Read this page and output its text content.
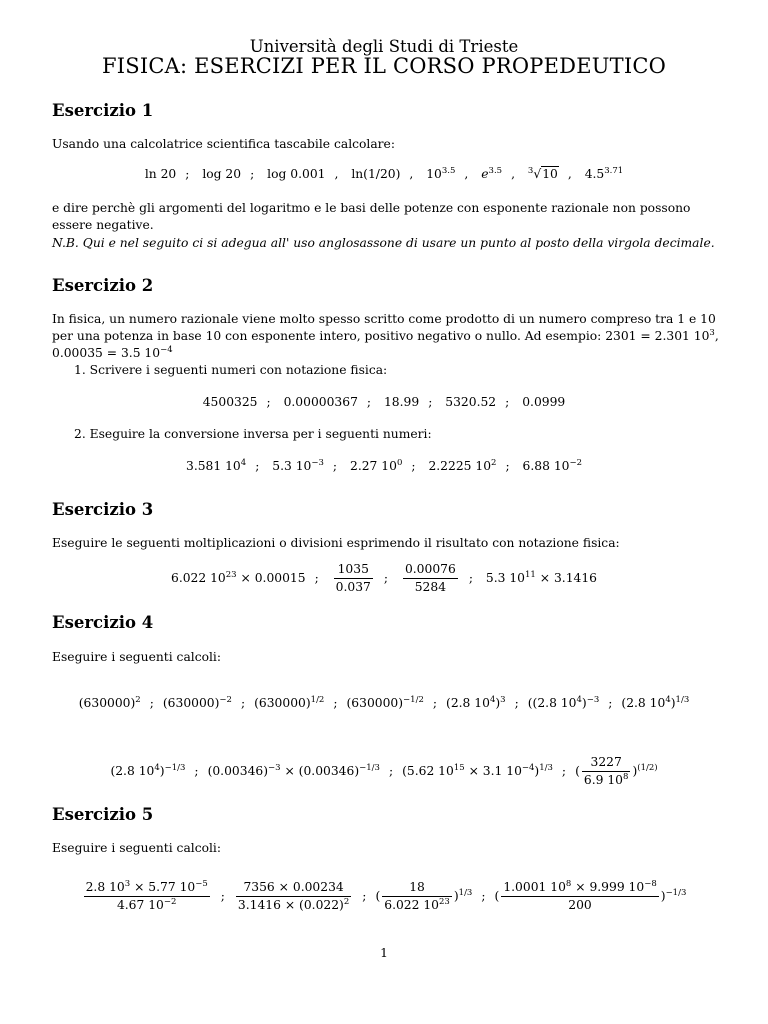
Università degli Studi di Trieste
FISICA: ESERCIZI PER IL CORSO PROPEDEUTICO
Esercizio 1
Usando una calcolatrice scientifica tascabile calcolare:
ln 20 ; log 20 ; log 0.001 , ln(1/20) , $10^{3.5}$ , $e^{3.5}$ , $^3$√10 , $4.5^{3.71}$
e dire perchè gli argomenti del logaritmo e le basi delle potenze con esponente razionale non possono essere negative.
N.B. Qui e nel seguito ci si adegua all' uso anglosassone di usare un punto al posto della virgola decimale.
Esercizio 2
In fisica, un numero razionale viene molto spesso scritto come prodotto di un numero compreso tra 1 e 10 per una potenza in base 10 con esponente intero, positivo negativo o nullo. Ad esempio: 2301 = 2.301 $10^3$,
0.00035 = 3.5 $10^{-4}$
1. Scrivere i seguenti numeri con notazione fisica:
4500325 ; 0.00000367 ; 18.99 ; 5320.52 ; 0.0999
2. Eseguire la conversione inversa per i seguenti numeri:
3.581 $10^4$ ; 5.3 $10^{-3}$ ; 2.27 $10^0$ ; 2.2225 $10^2$ ; 6.88 $10^{-2}$
Esercizio 3
Eseguire le seguenti moltiplicazioni o divisioni esprimendo il risultato con notazione fisica:
6.022 $10^{23} \times 0.00015$ ; $\frac{1035}{0.037}$ ; $\frac{0.00076}{5284}$ ; 5.3 $10^{11} \times 3.1416$
Esercizio 4
Eseguire i seguenti calcoli:
$(630000)^2$ ; $(630000)^{-2}$ ; $(630000)^{1/2}$ ; $(630000)^{-1/2}$ ; (2.8 $10^4)^3$ ; ((2.8 $10^4)^{-3}$ ; (2.8 $10^4)^{1/3}$
(2.8 $10^4)^{-1/3}$ ; $(0.00346)^{-3} \times (0.00346)^{-1/3}$ ; (5.62 $10^{15} \times 3.1$ $10^{-4})^{1/3}$ ; ( $\frac{3227}{6.9 10^8} )^{(1/2)}$
Esercizio 5
Eseguire i seguenti calcoli:
$\frac{2.8 10^3 \times 5.77 10^{-5}}{4.67 10^{-2}}$ ; $\frac{7356 \times 0.00234}{3.1416 \times (0.022)^2}$ ; ( $\frac{18}{6.022 10^{23}} )^{1/3}$ ; ( $\frac{1.0001 10^8 \times 9.999 10^{-8}}{200} )^{-1/3}$
1
